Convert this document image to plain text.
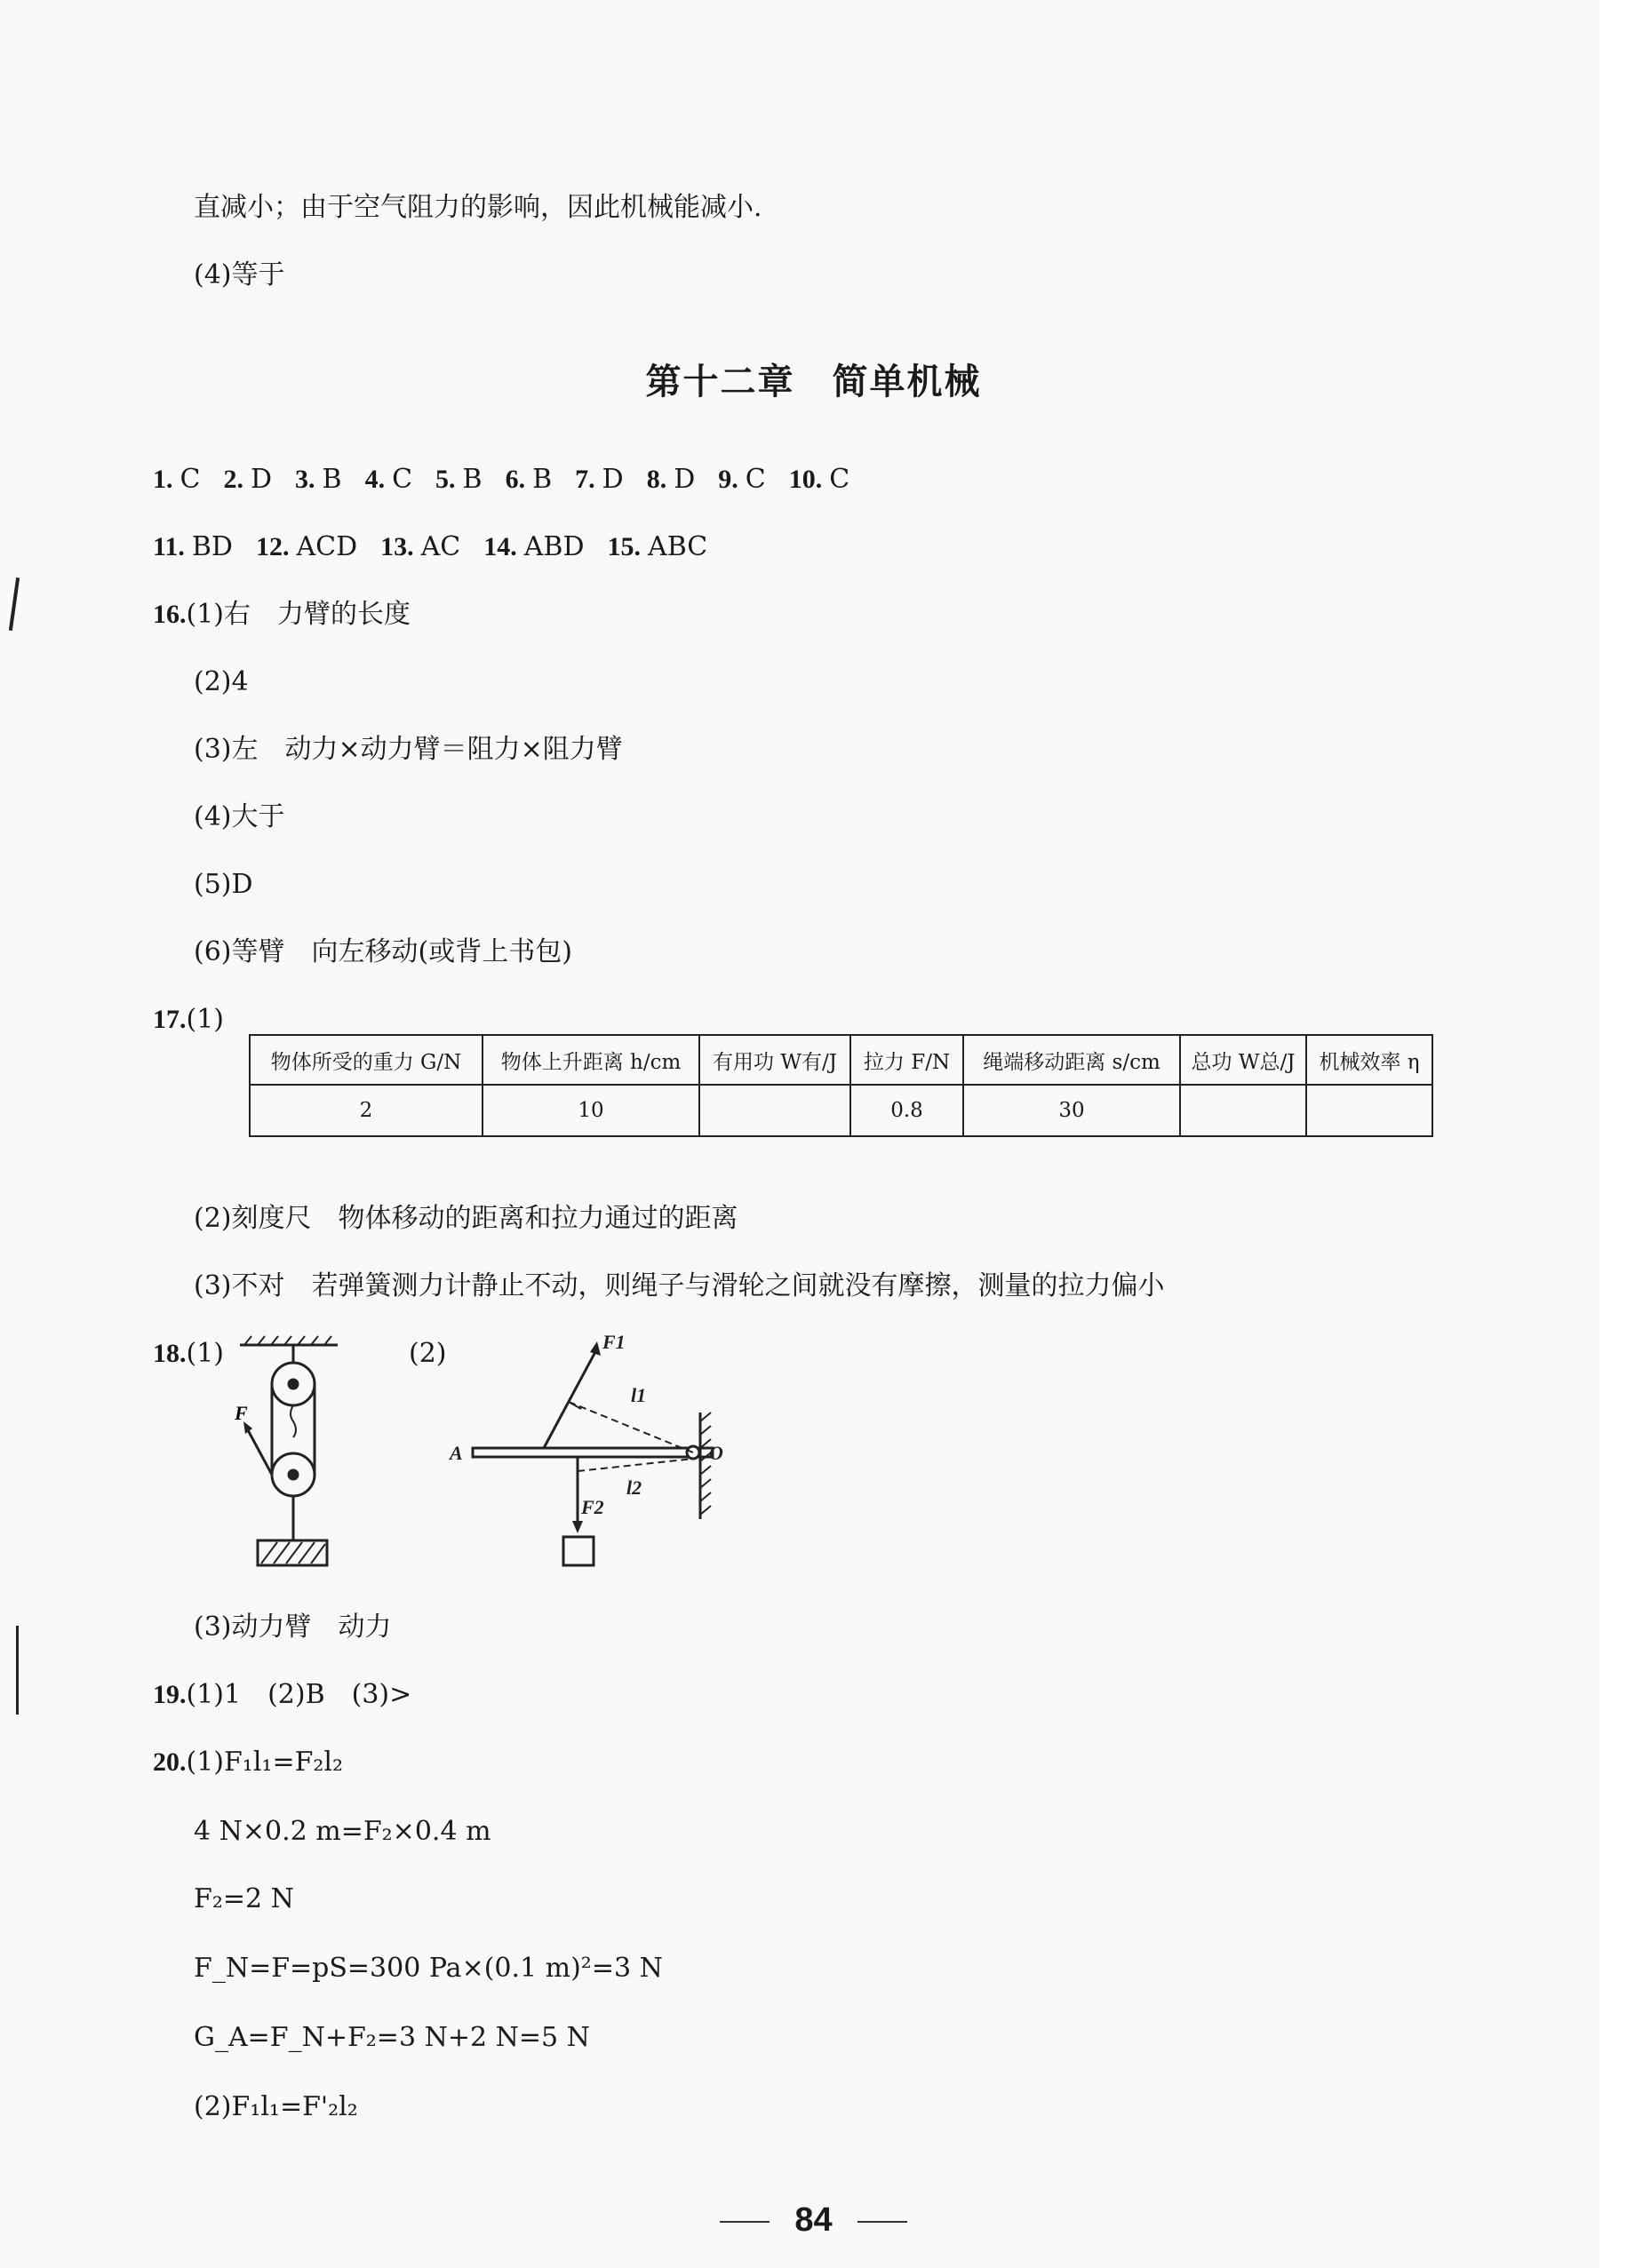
直减小；由于空气阻力的影响，因此机械能减小.
(4)等于
第十二章　简单机械
1. C 2. D 3. B 4. C 5. B 6. B 7. D 8. D 9. C 10. C
11. BD 12. ACD 13. AC 14. ABD 15. ABC
16.(1)右　力臂的长度
(2)4
(3)左　动力×动力臂＝阻力×阻力臂
(4)大于
(5)D
(6)等臂　向左移动(或背上书包)
17.(1)
物体所受的重力 G/N	物体上升距离 h/cm	有用功 W有/J	拉力 F/N	绳端移动距离 s/cm	总功 W总/J	机械效率 η
2	10		0.8	30		
(2)刻度尺　物体移动的距离和拉力通过的距离
(3)不对　若弹簧测力计静止不动，则绳子与滑轮之间就没有摩擦，测量的拉力偏小
18.(1)	(2)
F
F1
l1
A	O
l2
F2
(3)动力臂　动力
19.(1)1　(2)B　(3)>
20.(1)F₁l₁=F₂l₂
4 N×0.2 m=F₂×0.4 m
F₂=2 N
F_N=F=pS=300 Pa×(0.1 m)²=3 N
G_A=F_N+F₂=3 N+2 N=5 N
(2)F₁l₁=F'₂l₂
84
